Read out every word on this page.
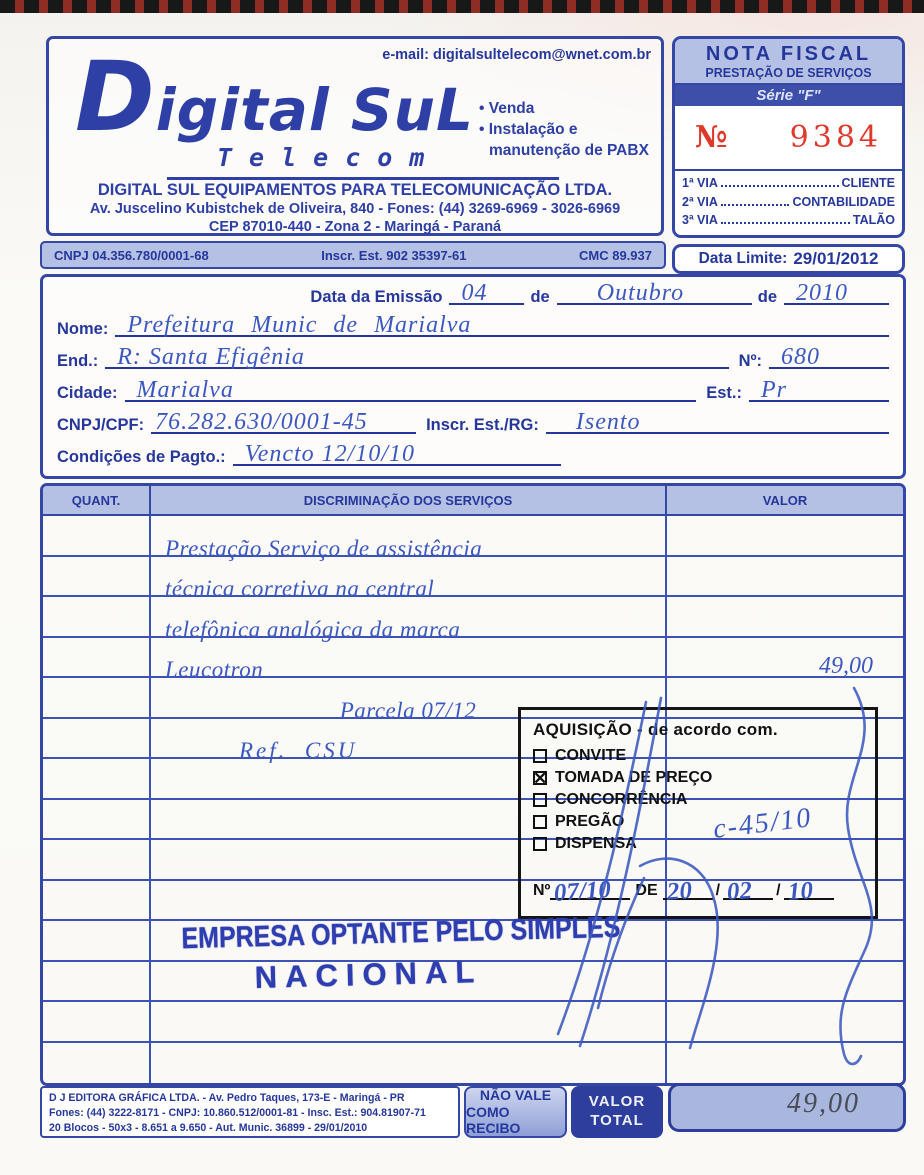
e-mail: digitalsultelecom@wnet.com.br
Digital SuL
Telecom
• Venda
• Instalação e
manutenção de PABX
DIGITAL SUL EQUIPAMENTOS PARA TELECOMUNICAÇÃO LTDA.
Av. Juscelino Kubistchek de Oliveira, 840 - Fones: (44) 3269-6969 - 3026-6969
CEP 87010-440 - Zona 2 - Maringá - Paraná
NOTA FISCAL
PRESTAÇÃO DE SERVIÇOS
Série "F"
№ 9384
1ª VIA	CLIENTE
2ª VIA	CONTABILIDADE
3ª VIA	TALÃO
Data Limite: 29/01/2012
CNPJ 04.356.780/0001-68	Inscr. Est. 902 35397-61	CMC 89.937
Data da Emissão 04	de Outubro	de 2010
Nome: Prefeitura Munic de Marialva
End.: R: Santa Efigênia	Nº: 680
Cidade: Marialva	Est.: Pr
CNPJ/CPF: 76.282.630/0001-45	Inscr. Est./RG: Isento
Condições de Pagto.: Vencto 12/10/10
QUANT.	DISCRIMINAÇÃO DOS SERVIÇOS	VALOR
Prestação Serviço de assistência
técnica corretiva na central
telefônica analógica da marca
Leucotron	49,00
Parcela 07/12
Ref.  CSU
AQUISIÇÃO - de acordo com.
CONVITE
✕
TOMADA DE PREÇO
CONCORRÊNCIA
PREGÃO
DISPENSA	c-45/10
Nº 07/10 DE 20 / 02 / 10
EMPRESA OPTANTE PELO SIMPLES
NACIONAL
D J EDITORA GRÁFICA LTDA. - Av. Pedro Taques, 173-E - Maringá - PR
Fones: (44) 3222-8171 - CNPJ: 10.860.512/0001-81 - Insc. Est.: 904.81907-71
20 Blocos - 50x3 - 8.651 a 9.650 - Aut. Munic. 36899 - 29/01/2010
NÃO VALE
COMO RECIBO
VALOR
TOTAL
49,00
